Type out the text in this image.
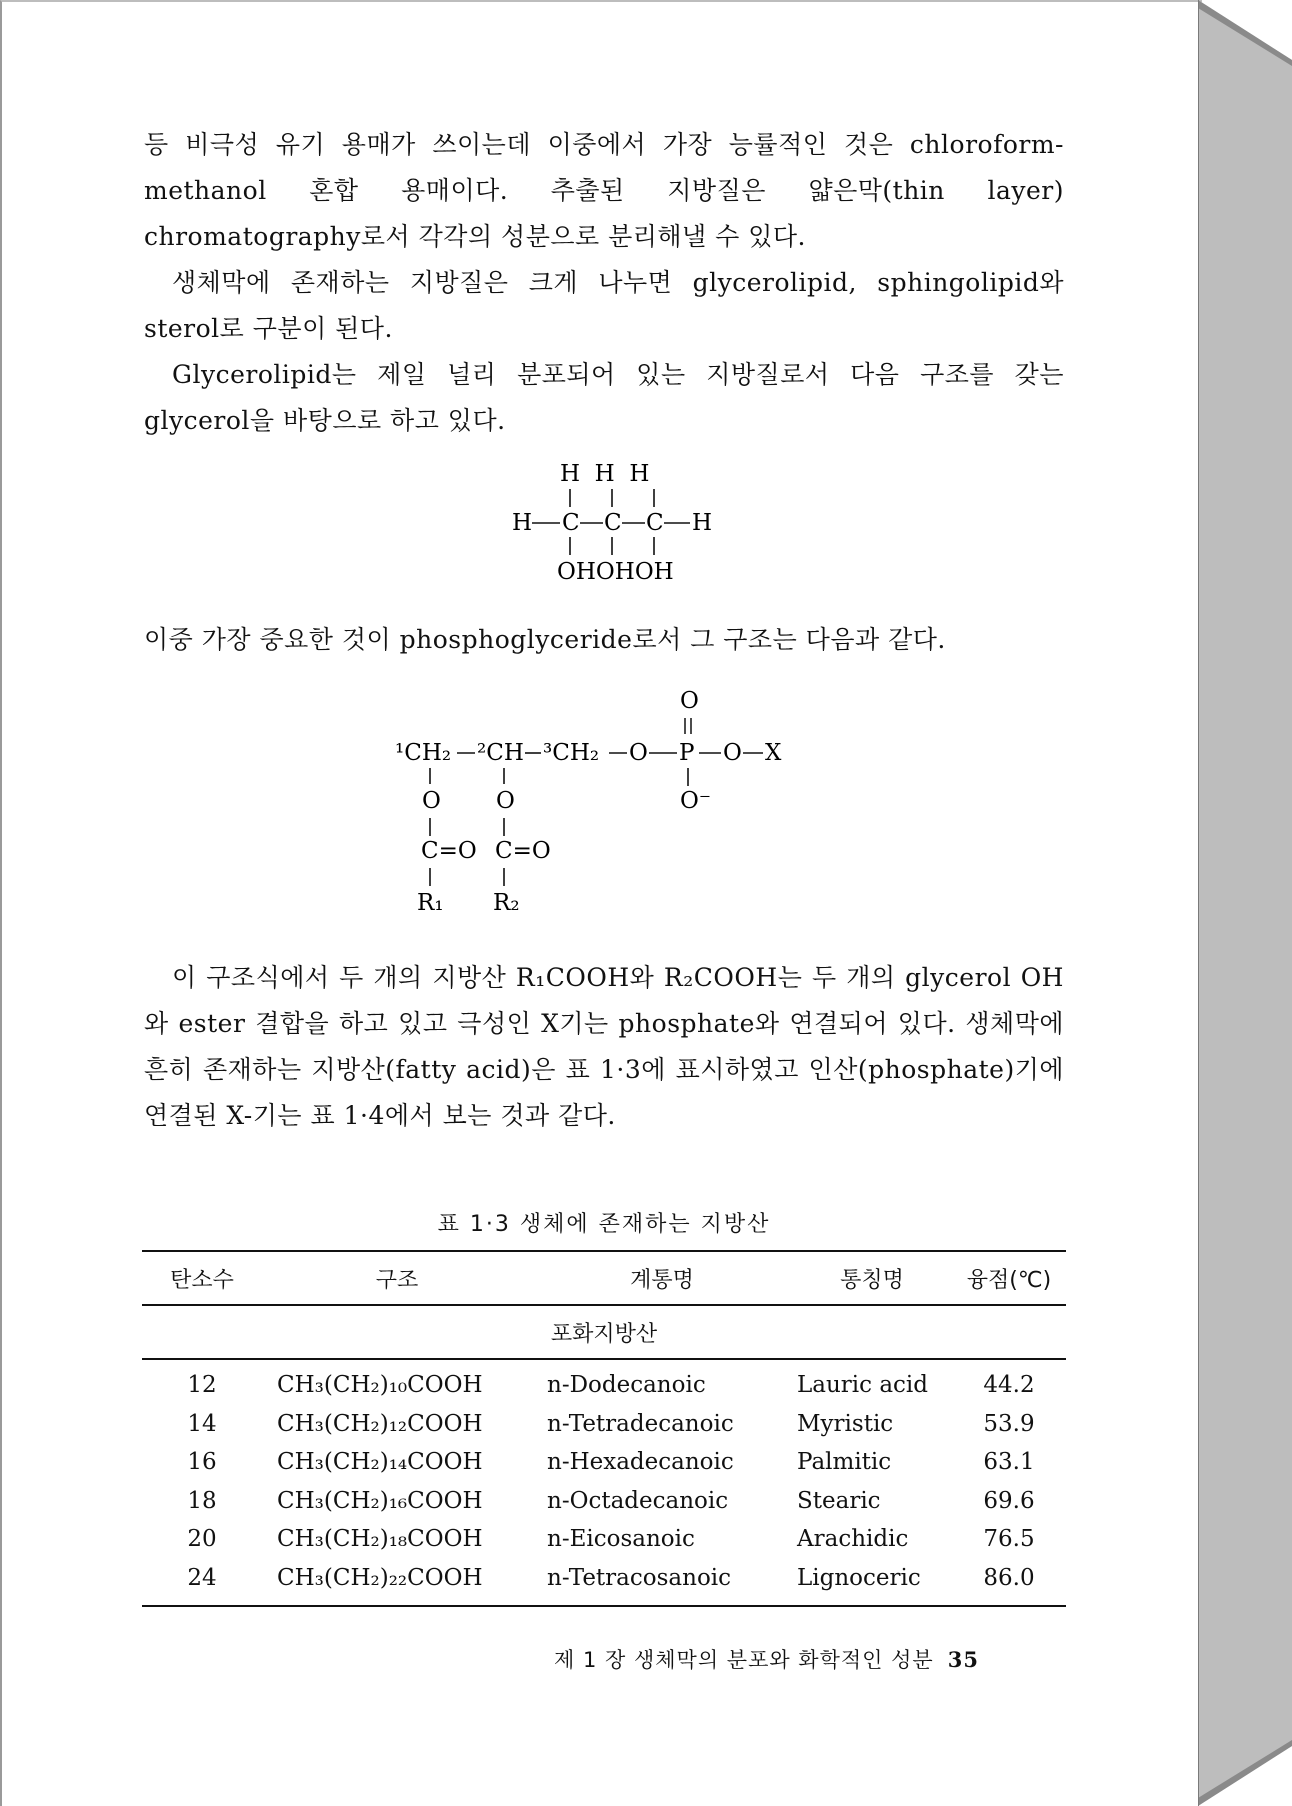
등 비극성 유기 용매가 쓰이는데 이중에서 가장 능률적인 것은 chloroform-methanol 혼합 용매이다. 추출된 지방질은 얇은막(thin layer) chromatography로서 각각의 성분으로 분리해낼 수 있다.

생체막에 존재하는 지방질은 크게 나누면 glycerolipid, sphingolipid와 sterol로 구분이 된다.

Glycerolipid는 제일 널리 분포되어 있는 지방질로서 다음 구조를 갖는 glycerol을 바탕으로 하고 있다.

H  H  H
H C C C H
OHOHOH
이중 가장 중요한 것이 phosphoglyceride로서 그 구조는 다음과 같다.
O
¹CH₂ ²CH ³CH₂ O P O X
O⁻
O O
C=O C=O
R₁ R₂

이 구조식에서 두 개의 지방산 R₁COOH와 R₂COOH는 두 개의 glycerol OH와 ester 결합을 하고 있고 극성인 X기는 phosphate와 연결되어 있다. 생체막에 흔히 존재하는 지방산(fatty acid)은 표 1·3에 표시하였고 인산(phosphate)기에 연결된 X-기는 표 1·4에서 보는 것과 같다.

표 1·3 생체에 존재하는 지방산
탄소수	구조	계통명	통칭명	융점(℃)
포화지방산
12	CH₃(CH₂)₁₀COOH	n-Dodecanoic	Lauric acid	44.2
14	CH₃(CH₂)₁₂COOH	n-Tetradecanoic	Myristic	53.9
16	CH₃(CH₂)₁₄COOH	n-Hexadecanoic	Palmitic	63.1
18	CH₃(CH₂)₁₆COOH	n-Octadecanoic	Stearic	69.6
20	CH₃(CH₂)₁₈COOH	n-Eicosanoic	Arachidic	76.5
24	CH₃(CH₂)₂₂COOH	n-Tetracosanoic	Lignoceric	86.0
제 1 장 생체막의 분포와 화학적인 성분 35
